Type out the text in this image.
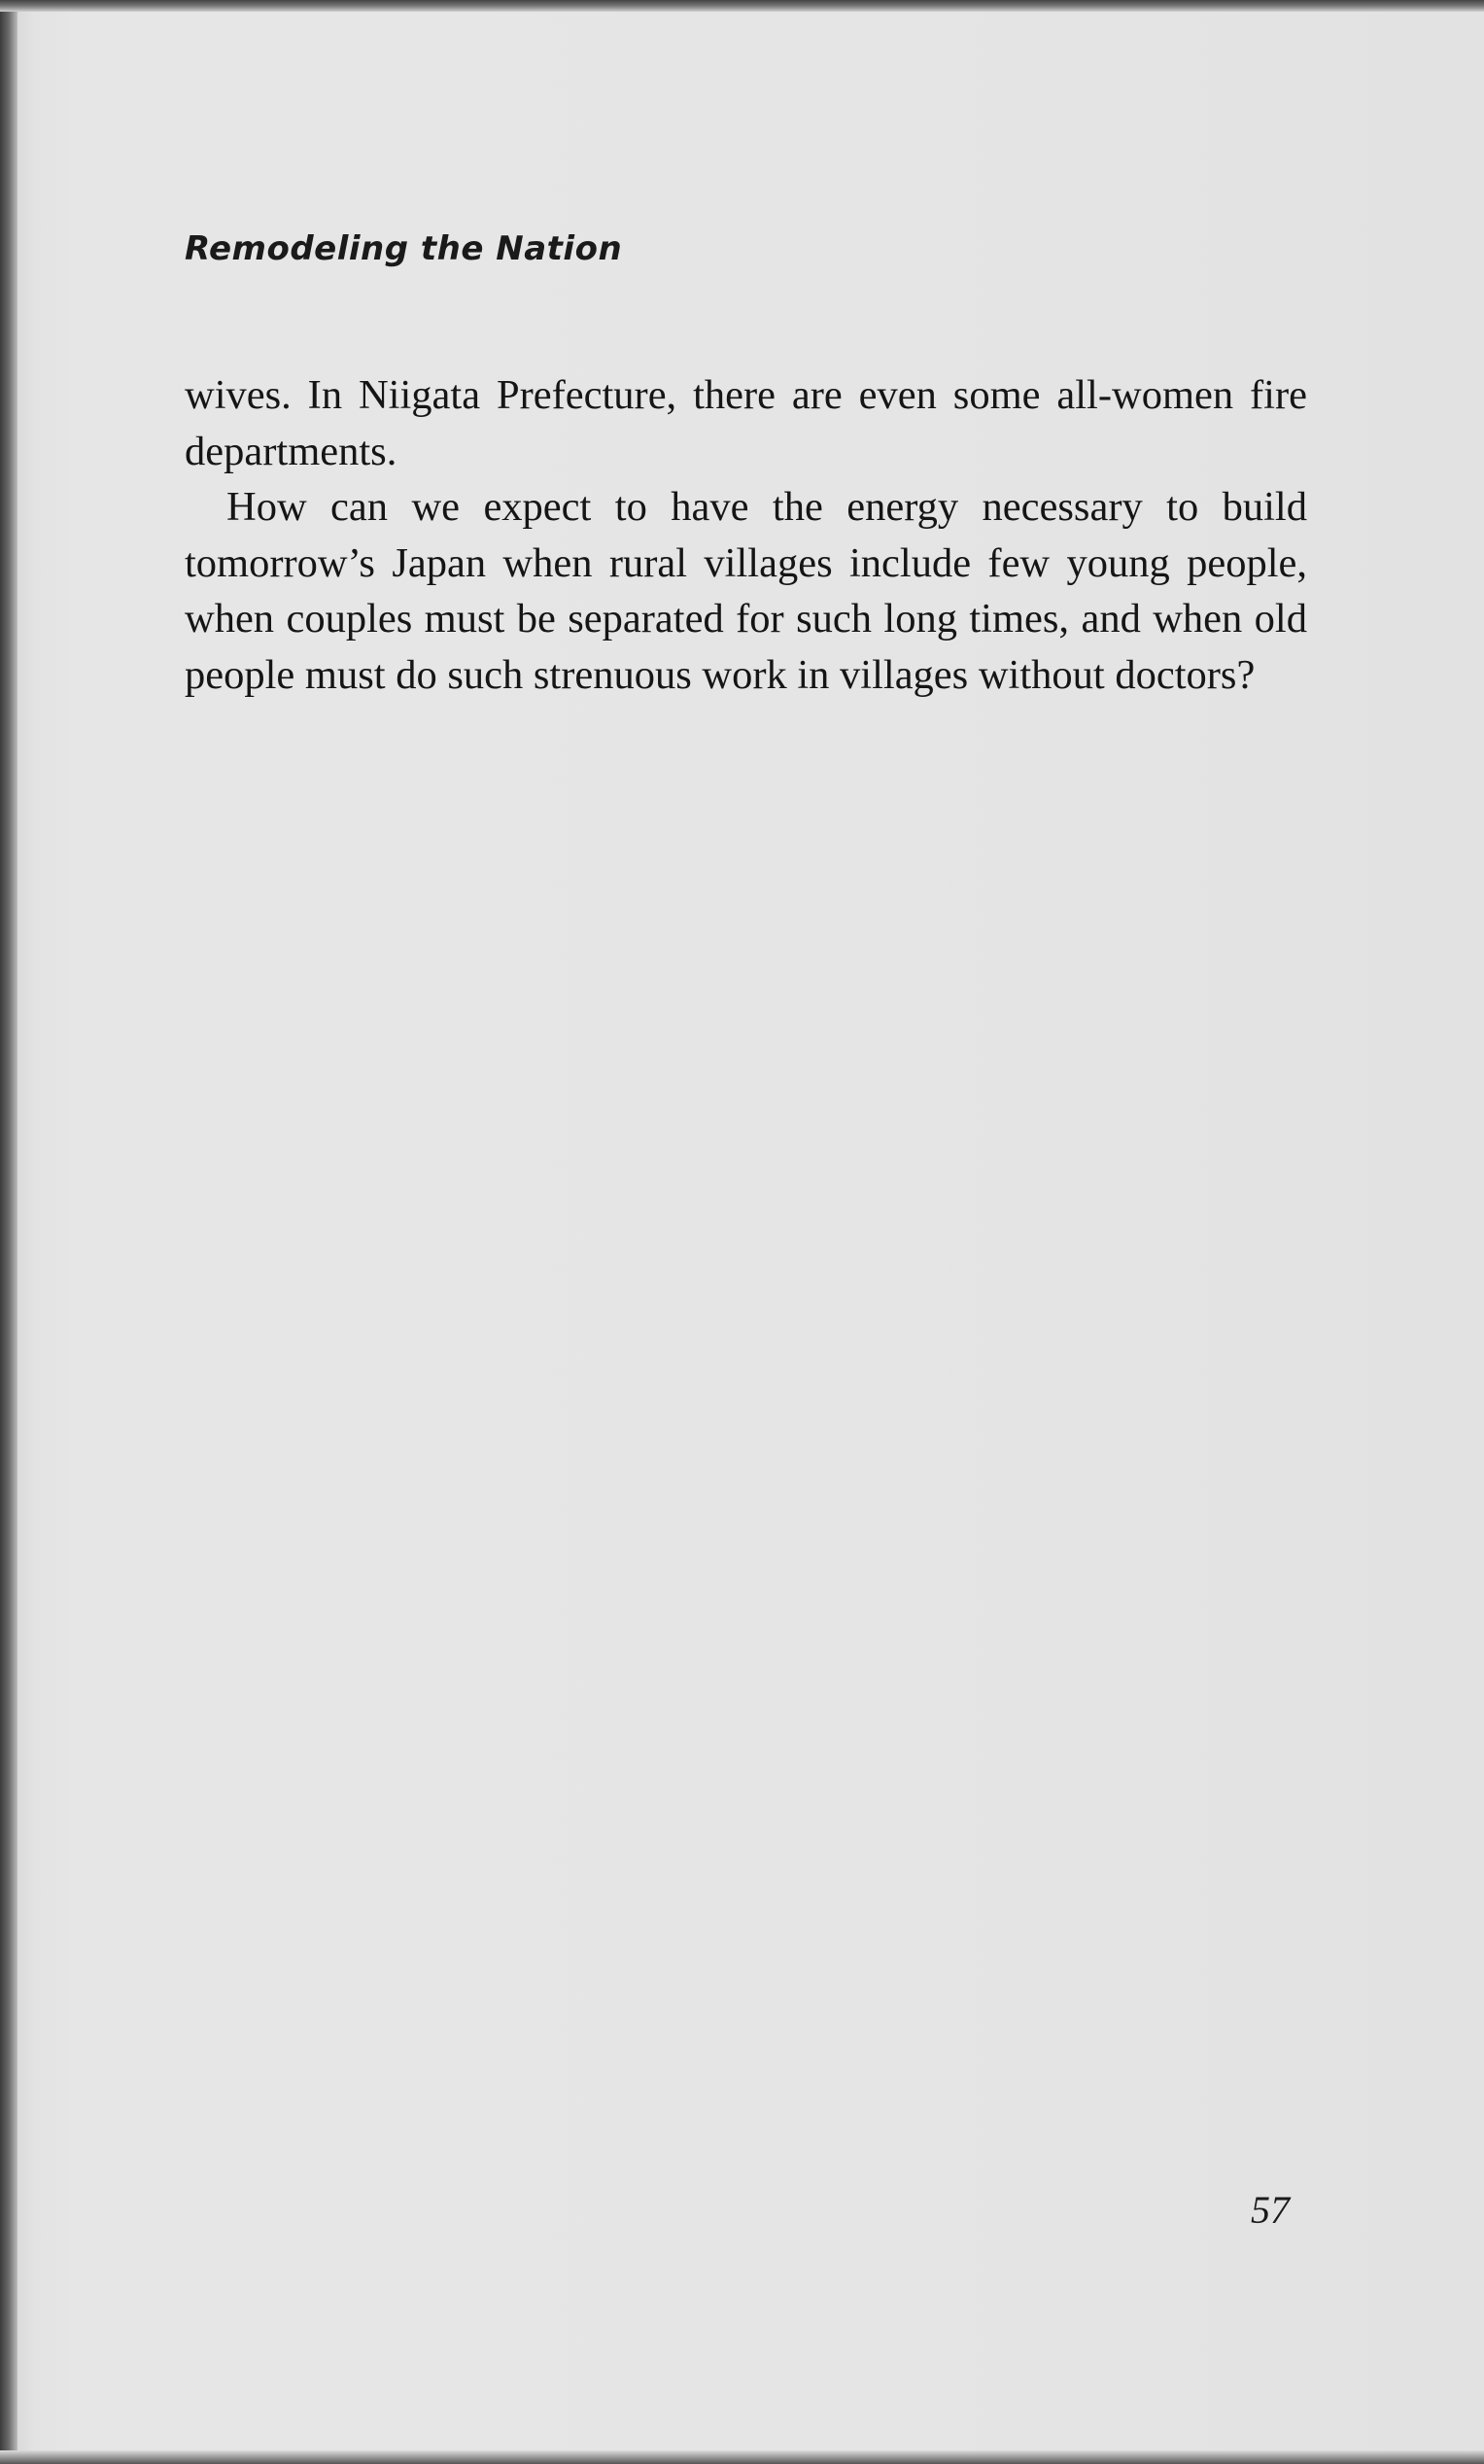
Remodeling the Nation

wives. In Niigata Prefecture, there are even some all-women fire departments.

How can we expect to have the energy necessary to build tomorrow’s Japan when rural villages include few young people, when couples must be separated for such long times, and when old people must do such strenuous work in villages without doctors?

57
